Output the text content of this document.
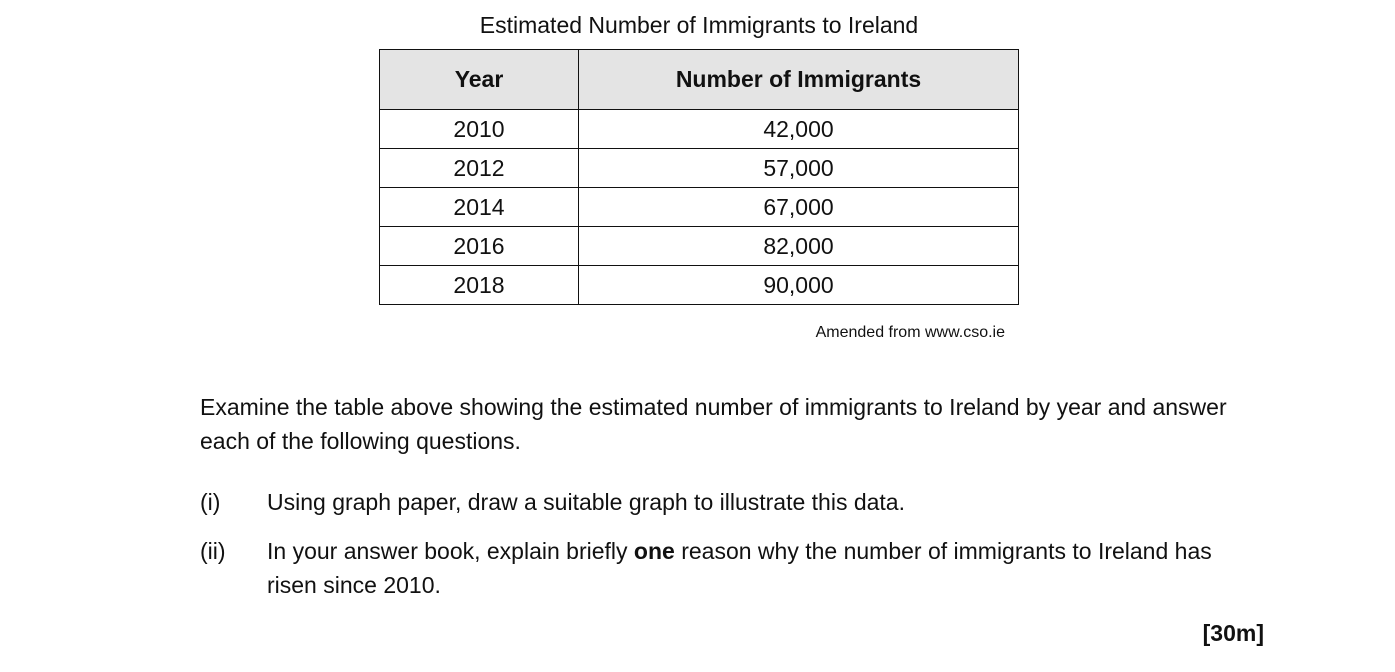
Estimated Number of Immigrants to Ireland
Year	Number of Immigrants
2010	42,000
2012	57,000
2014	67,000
2016	82,000
2018	90,000
Amended from www.cso.ie
Examine the table above showing the estimated number of immigrants to Ireland by year and answer each of the following questions.
(i) Using graph paper, draw a suitable graph to illustrate this data.
(ii) In your answer book, explain briefly one reason why the number of immigrants to Ireland has risen since 2010.
[30m]
